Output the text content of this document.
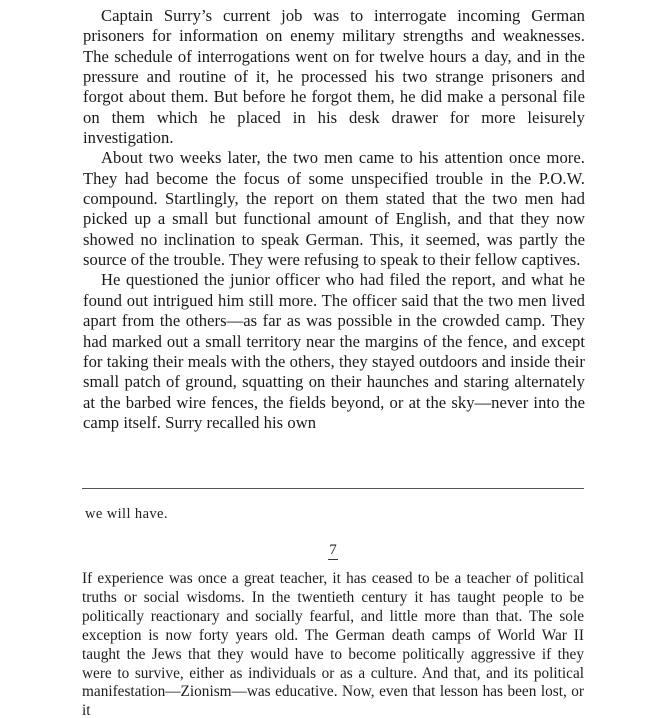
Captain Surry’s current job was to interrogate incoming German prisoners for information on enemy military strengths and weaknesses. The schedule of interrogations went on for twelve hours a day, and in the pressure and routine of it, he processed his two strange prisoners and forgot about them. But before he forgot them, he did make a personal file on them which he placed in his desk drawer for more leisurely investigation.

About two weeks later, the two men came to his attention once more. They had become the focus of some unspecified trouble in the P.O.W. compound. Startlingly, the report on them stated that the two men had picked up a small but functional amount of English, and that they now showed no inclination to speak German. This, it seemed, was partly the source of the trouble. They were refusing to speak to their fellow captives.

He questioned the junior officer who had filed the report, and what he found out intrigued him still more. The officer said that the two men lived apart from the others—as far as was possible in the crowded camp. They had marked out a small territory near the margins of the fence, and except for taking their meals with the others, they stayed outdoors and inside their small patch of ground, squatting on their haunches and staring alternately at the barbed wire fences, the fields beyond, or at the sky—never into the camp itself. Surry recalled his own

we will have.
7

If experience was once a great teacher, it has ceased to be a teacher of political truths or social wisdoms. In the twentieth century it has taught people to be politically reactionary and socially fearful, and little more than that. The sole exception is now forty years old. The German death camps of World War II taught the Jews that they would have to become politically aggressive if they were to survive, either as individuals or as a culture. And that, and its political manifestation—Zionism—was educative. Now, even that lesson has been lost, or it
